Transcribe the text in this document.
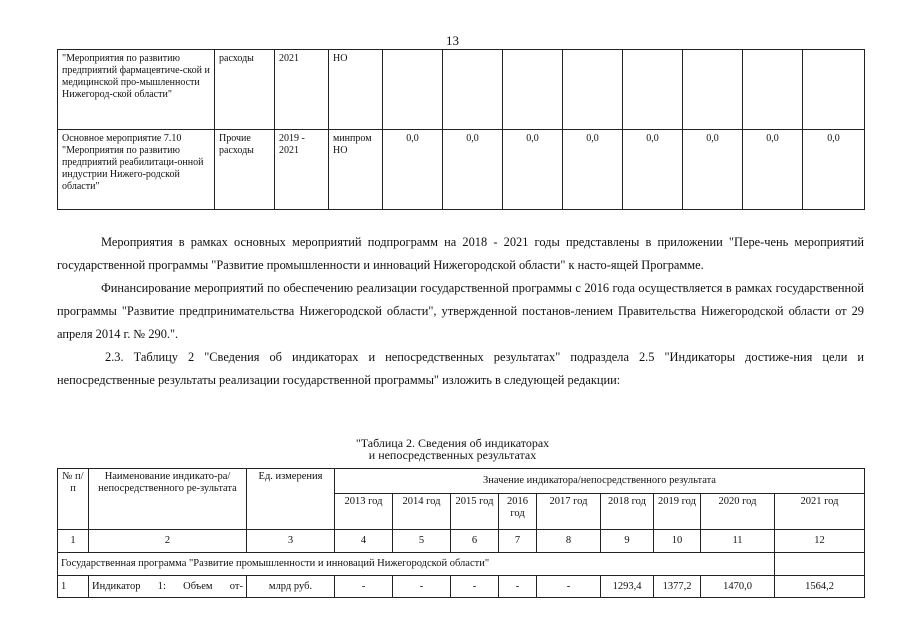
13
"Мероприятия по развитию предприятий фармацевтиче-ской и медицинской про-мышленности Нижегород-ской области"	расходы	2021	НО								
Основное мероприятие 7.10 "Мероприятия по развитию предприятий реабилитаци-онной индустрии Нижего-родской области"	Прочие расходы	2019 - 2021	минпром НО	0,0	0,0	0,0	0,0	0,0	0,0	0,0	0,0

Мероприятия в рамках основных мероприятий подпрограмм на 2018 - 2021 годы представлены в приложении "Пере-чень мероприятий государственной программы "Развитие промышленности и инноваций Нижегородской области" к насто-ящей Программе.

Финансирование мероприятий по обеспечению реализации государственной программы с 2016 года осуществляется в рамках государственной программы "Развитие предпринимательства Нижегородской области", утвержденной постанов-лением Правительства Нижегородской области от 29 апреля 2014 г. № 290.".

2.3. Таблицу 2 "Сведения об индикаторах и непосредственных результатах" подраздела 2.5 "Индикаторы достиже-ния цели и непосредственные результаты реализации государственной программы" изложить в следующей редакции:

"Таблица 2. Сведения об индикаторах
и непосредственных результатах
№ п/п	Наименование индикато-ра/непосредственного ре-зультата	Ед. измерения	Значение индикатора/непосредственного результата								
			2013 год	2014 год	2015 год	2016 год	2017 год	2018 год	2019 год	2020 год	2021 год
1	2	3	4	5	6	7	8	9	10	11	12
Государственная программа "Развитие промышленности и инноваций Нижегородской области"											
1	Индикатор 1: Объем от-	млрд руб.	-	-	-	-	-	1293,4	1377,2	1470,0	1564,2
